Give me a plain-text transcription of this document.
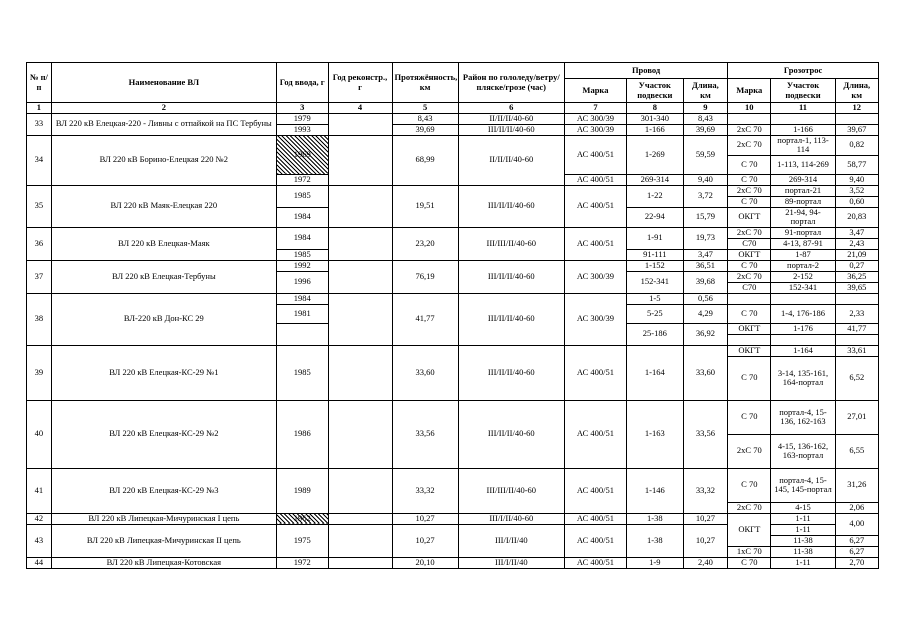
№ п/п	Наименование ВЛ	Год ввода, г	Год реконстр., г	Протяжённость, км	Район по гололеду/ветру/ пляске/грозе (час)	Провод			Грозотрос		
						Марка	Участок подвески	Длина, км	Марка	Участок подвески	Длина, км
1	2	3	4	5	6	7	8	9	10	11	12
33	ВЛ 220 кВ Елецкая-220 - Ливны с отпайкой на ПС Тербуны	1979		8,43	II/II/II/40-60	АС 300/39	301-340	8,43			
		1993		39,69	III/II/II/40-60	АС 300/39	1-166	39,69	2хС 70	1-166	39,67
34	ВЛ 220 кВ Борино-Елецкая 220 №2	1969		68,99	II/II/II/40-60	АС 400/51	1-269	59,59	2хС 70	портал-1, 113-114	0,82
									С 70	1-113, 114-269	58,77
		1972				АС 400/51	269-314	9,40	С 70	269-314	9,40
35	ВЛ 220 кВ Маяк-Елецкая 220	1985		19,51	III/II/II/40-60	АС 400/51	1-22	3,72	2хС 70	портал-21	3,52
									С 70	89-портал	0,60
		1984					22-94	15,79	ОКГТ	21-94, 94-портал	20,83
36	ВЛ 220 кВ Елецкая-Маяк	1984		23,20	III/III/II/40-60	АС 400/51	1-91	19,73	2хС 70	91-портал	3,47
									С70	4-13, 87-91	2,43
		1985					91-111	3,47	ОКГТ	1-87	21,09
37	ВЛ 220 кВ Елецкая-Тербуны	1992		76,19	III/II/II/40-60	АС 300/39	1-152	36,51	С 70	портал-2	0,27
		1996					152-341	39,68	2хС 70	2-152	36,25
									С70	152-341	39,65
38	ВЛ-220 кВ Дон-КС 29	1984		41,77	III/II/II/40-60	АС 300/39	1-5	0,56			
		1981					5-25	4,29	С 70	1-4, 176-186	2,33
							25-186	36,92	ОКГТ	1-176	41,77

39	ВЛ 220 кВ Елецкая-КС-29 №1	1985		33,60	III/II/II/40-60	АС 400/51	1-164	33,60	ОКГТ	1-164	33,61
									С 70	3-14, 135-161, 164-портал	6,52
40	ВЛ 220 кВ Елецкая-КС-29 №2	1986		33,56	III/II/II/40-60	АС 400/51	1-163	33,56	С 70	портал-4, 15-136, 162-163	27,01
									2хС 70	4-15, 136-162, 163-портал	6,55
41	ВЛ 220 кВ Елецкая-КС-29 №3	1989		33,32	III/III/II/40-60	АС 400/51	1-146	33,32	С 70	портал-4, 15-145, 145-портал	31,26
									2хС 70	4-15	2,06
42	ВЛ 220 кВ Липецкая-Мичуринская I цепь	1962		10,27	III/I/II/40-60	АС 400/51	1-38	10,27	ОКГТ	1-11	4,00
43	ВЛ 220 кВ Липецкая-Мичуринская II цепь	1975		10,27	III/I/II/40	АС 400/51	1-38	10,27		1-11	
										11-38	6,27
									1хС 70	11-38	6,27
44	ВЛ 220 кВ Липецкая-Котовская	1972		20,10	III/I/II/40	АС 400/51	1-9	2,40	С 70	1-11	2,70
